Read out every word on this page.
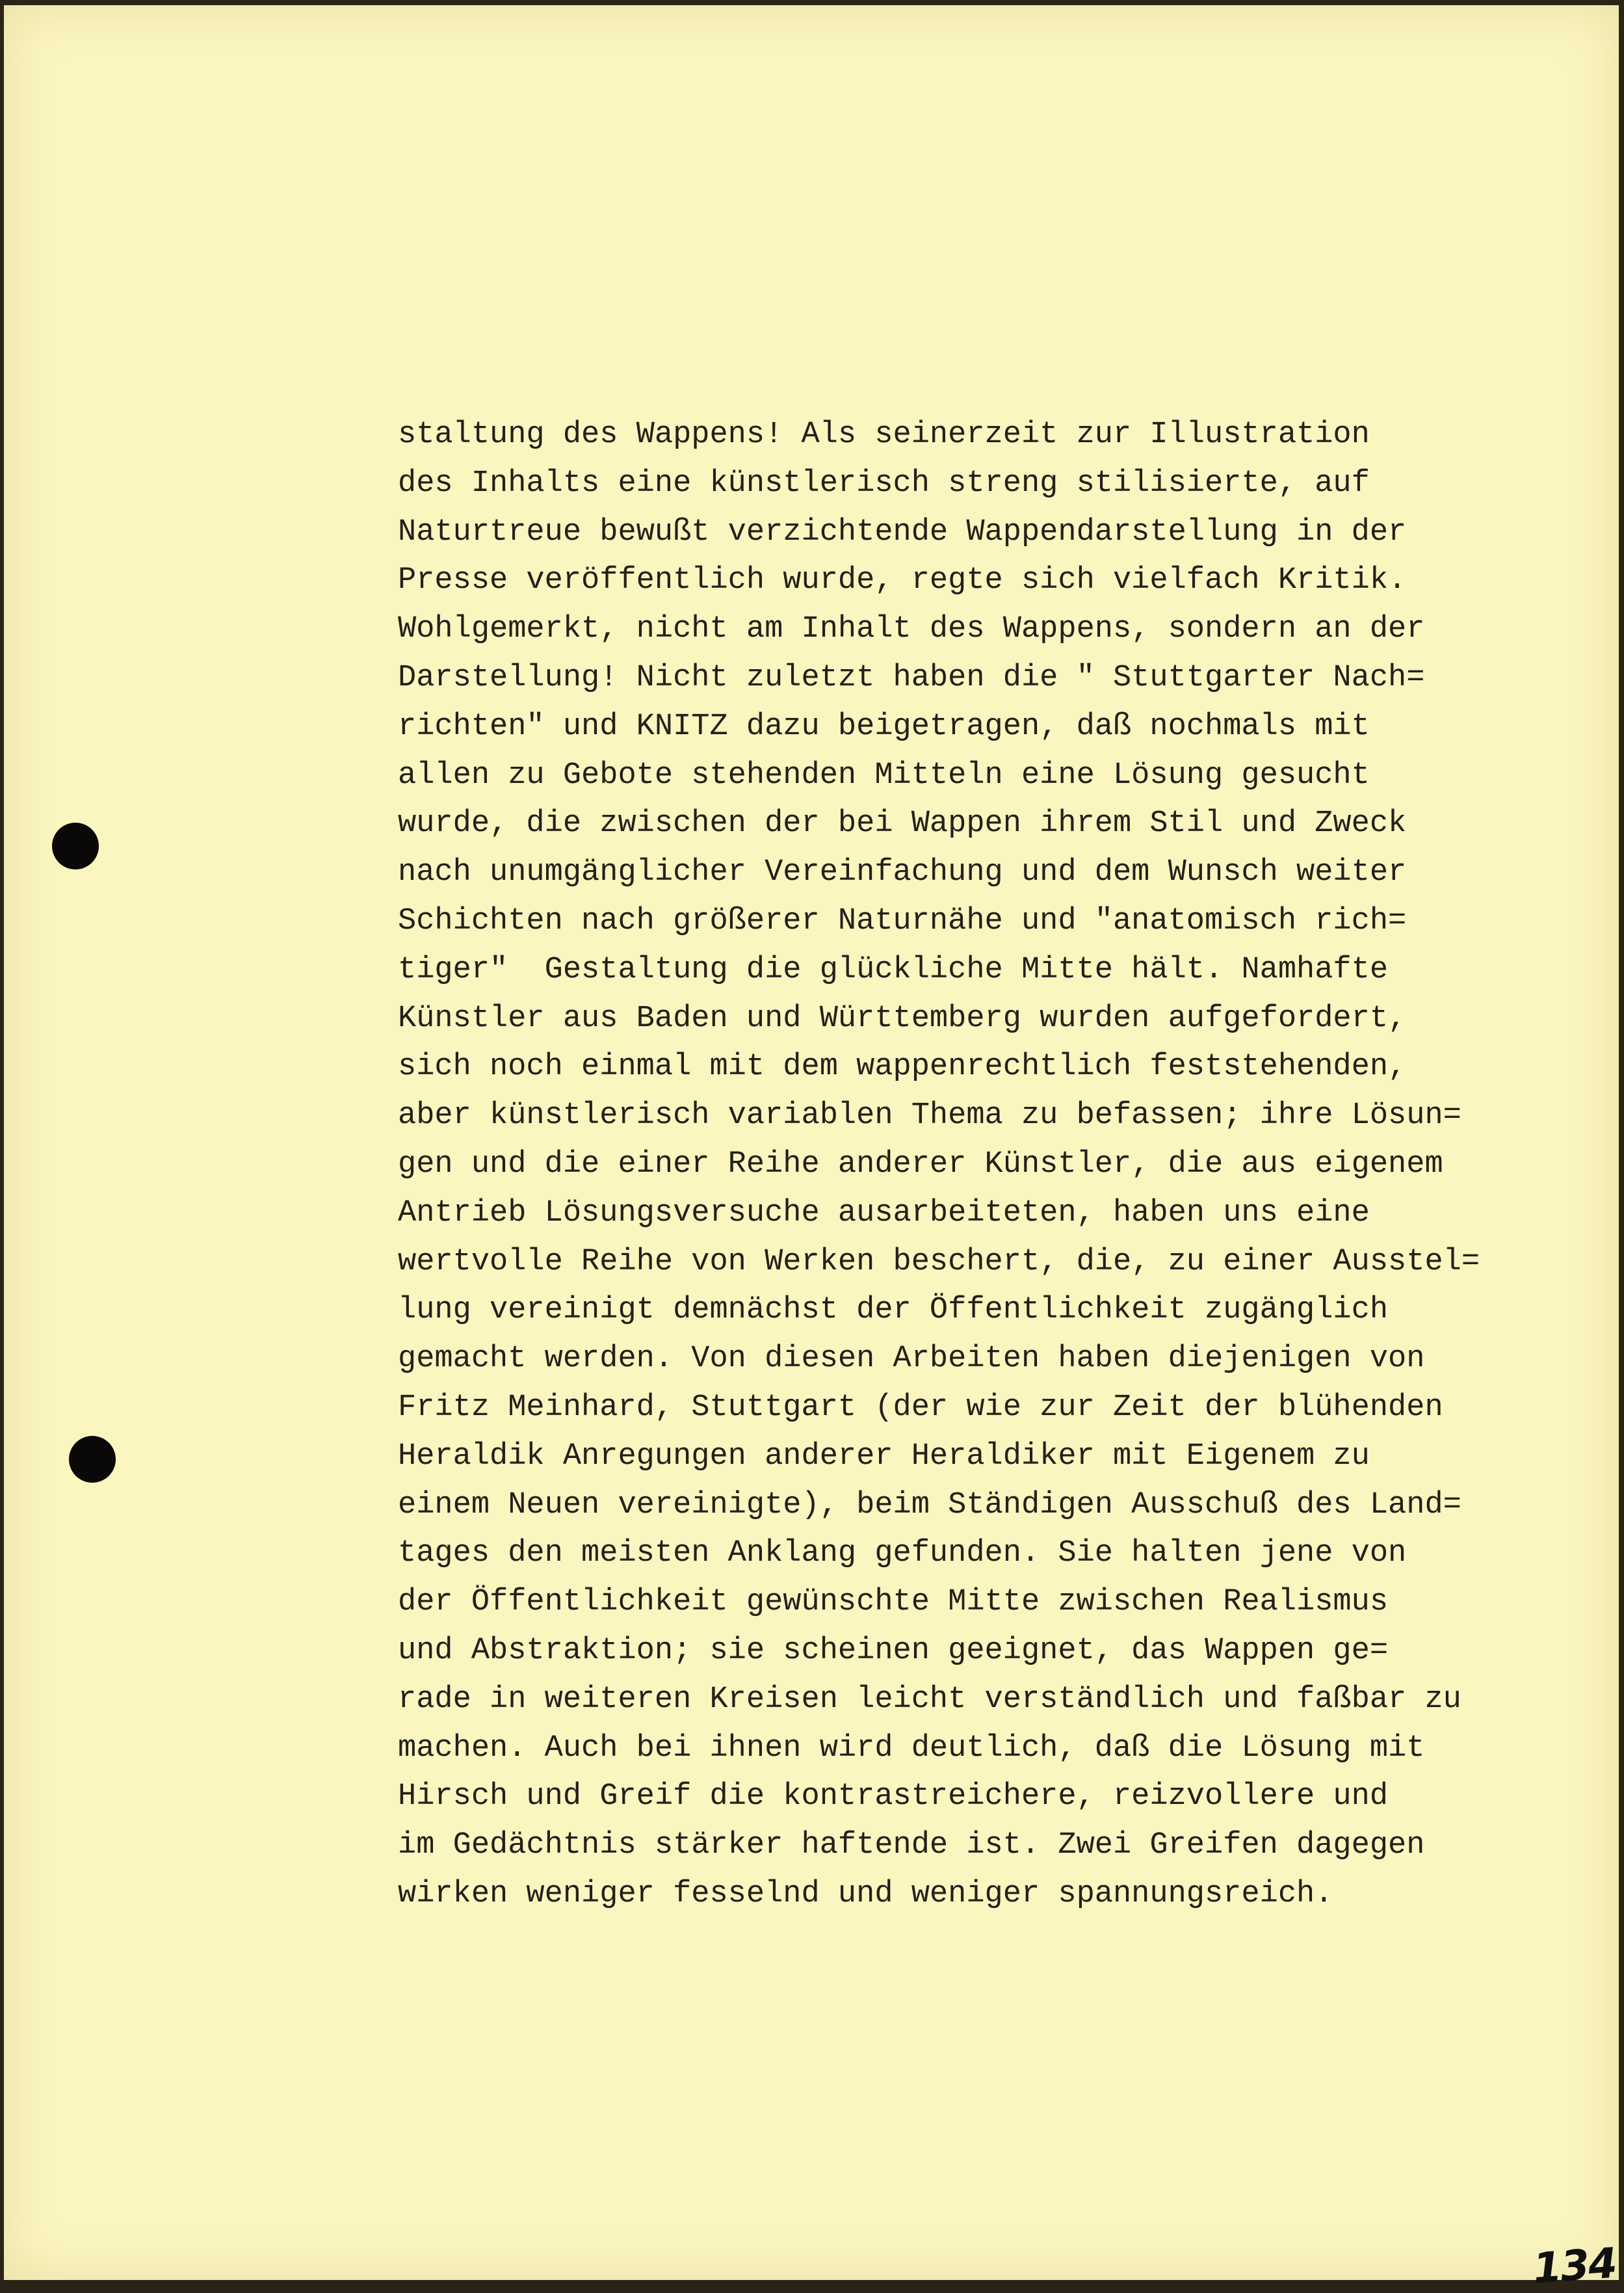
staltung des Wappens! Als seinerzeit zur Illustration
des Inhalts eine künstlerisch streng stilisierte, auf
Naturtreue bewußt verzichtende Wappendarstellung in der
Presse veröffentlich wurde, regte sich vielfach Kritik.
Wohlgemerkt, nicht am Inhalt des Wappens, sondern an der
Darstellung! Nicht zuletzt haben die " Stuttgarter Nach=
richten" und KNITZ dazu beigetragen, daß nochmals mit
allen zu Gebote stehenden Mitteln eine Lösung gesucht
wurde, die zwischen der bei Wappen ihrem Stil und Zweck
nach unumgänglicher Vereinfachung und dem Wunsch weiter
Schichten nach größerer Naturnähe und "anatomisch rich=
tiger"  Gestaltung die glückliche Mitte hält. Namhafte
Künstler aus Baden und Württemberg wurden aufgefordert,
sich noch einmal mit dem wappenrechtlich feststehenden,
aber künstlerisch variablen Thema zu befassen; ihre Lösun=
gen und die einer Reihe anderer Künstler, die aus eigenem
Antrieb Lösungsversuche ausarbeiteten, haben uns eine
wertvolle Reihe von Werken beschert, die, zu einer Ausstel=
lung vereinigt demnächst der Öffentlichkeit zugänglich
gemacht werden. Von diesen Arbeiten haben diejenigen von
Fritz Meinhard, Stuttgart (der wie zur Zeit der blühenden
Heraldik Anregungen anderer Heraldiker mit Eigenem zu
einem Neuen vereinigte), beim Ständigen Ausschuß des Land=
tages den meisten Anklang gefunden. Sie halten jene von
der Öffentlichkeit gewünschte Mitte zwischen Realismus
und Abstraktion; sie scheinen geeignet, das Wappen ge=
rade in weiteren Kreisen leicht verständlich und faßbar zu
machen. Auch bei ihnen wird deutlich, daß die Lösung mit
Hirsch und Greif die kontrastreichere, reizvollere und
im Gedächtnis stärker haftende ist. Zwei Greifen dagegen
wirken weniger fesselnd und weniger spannungsreich.
134
